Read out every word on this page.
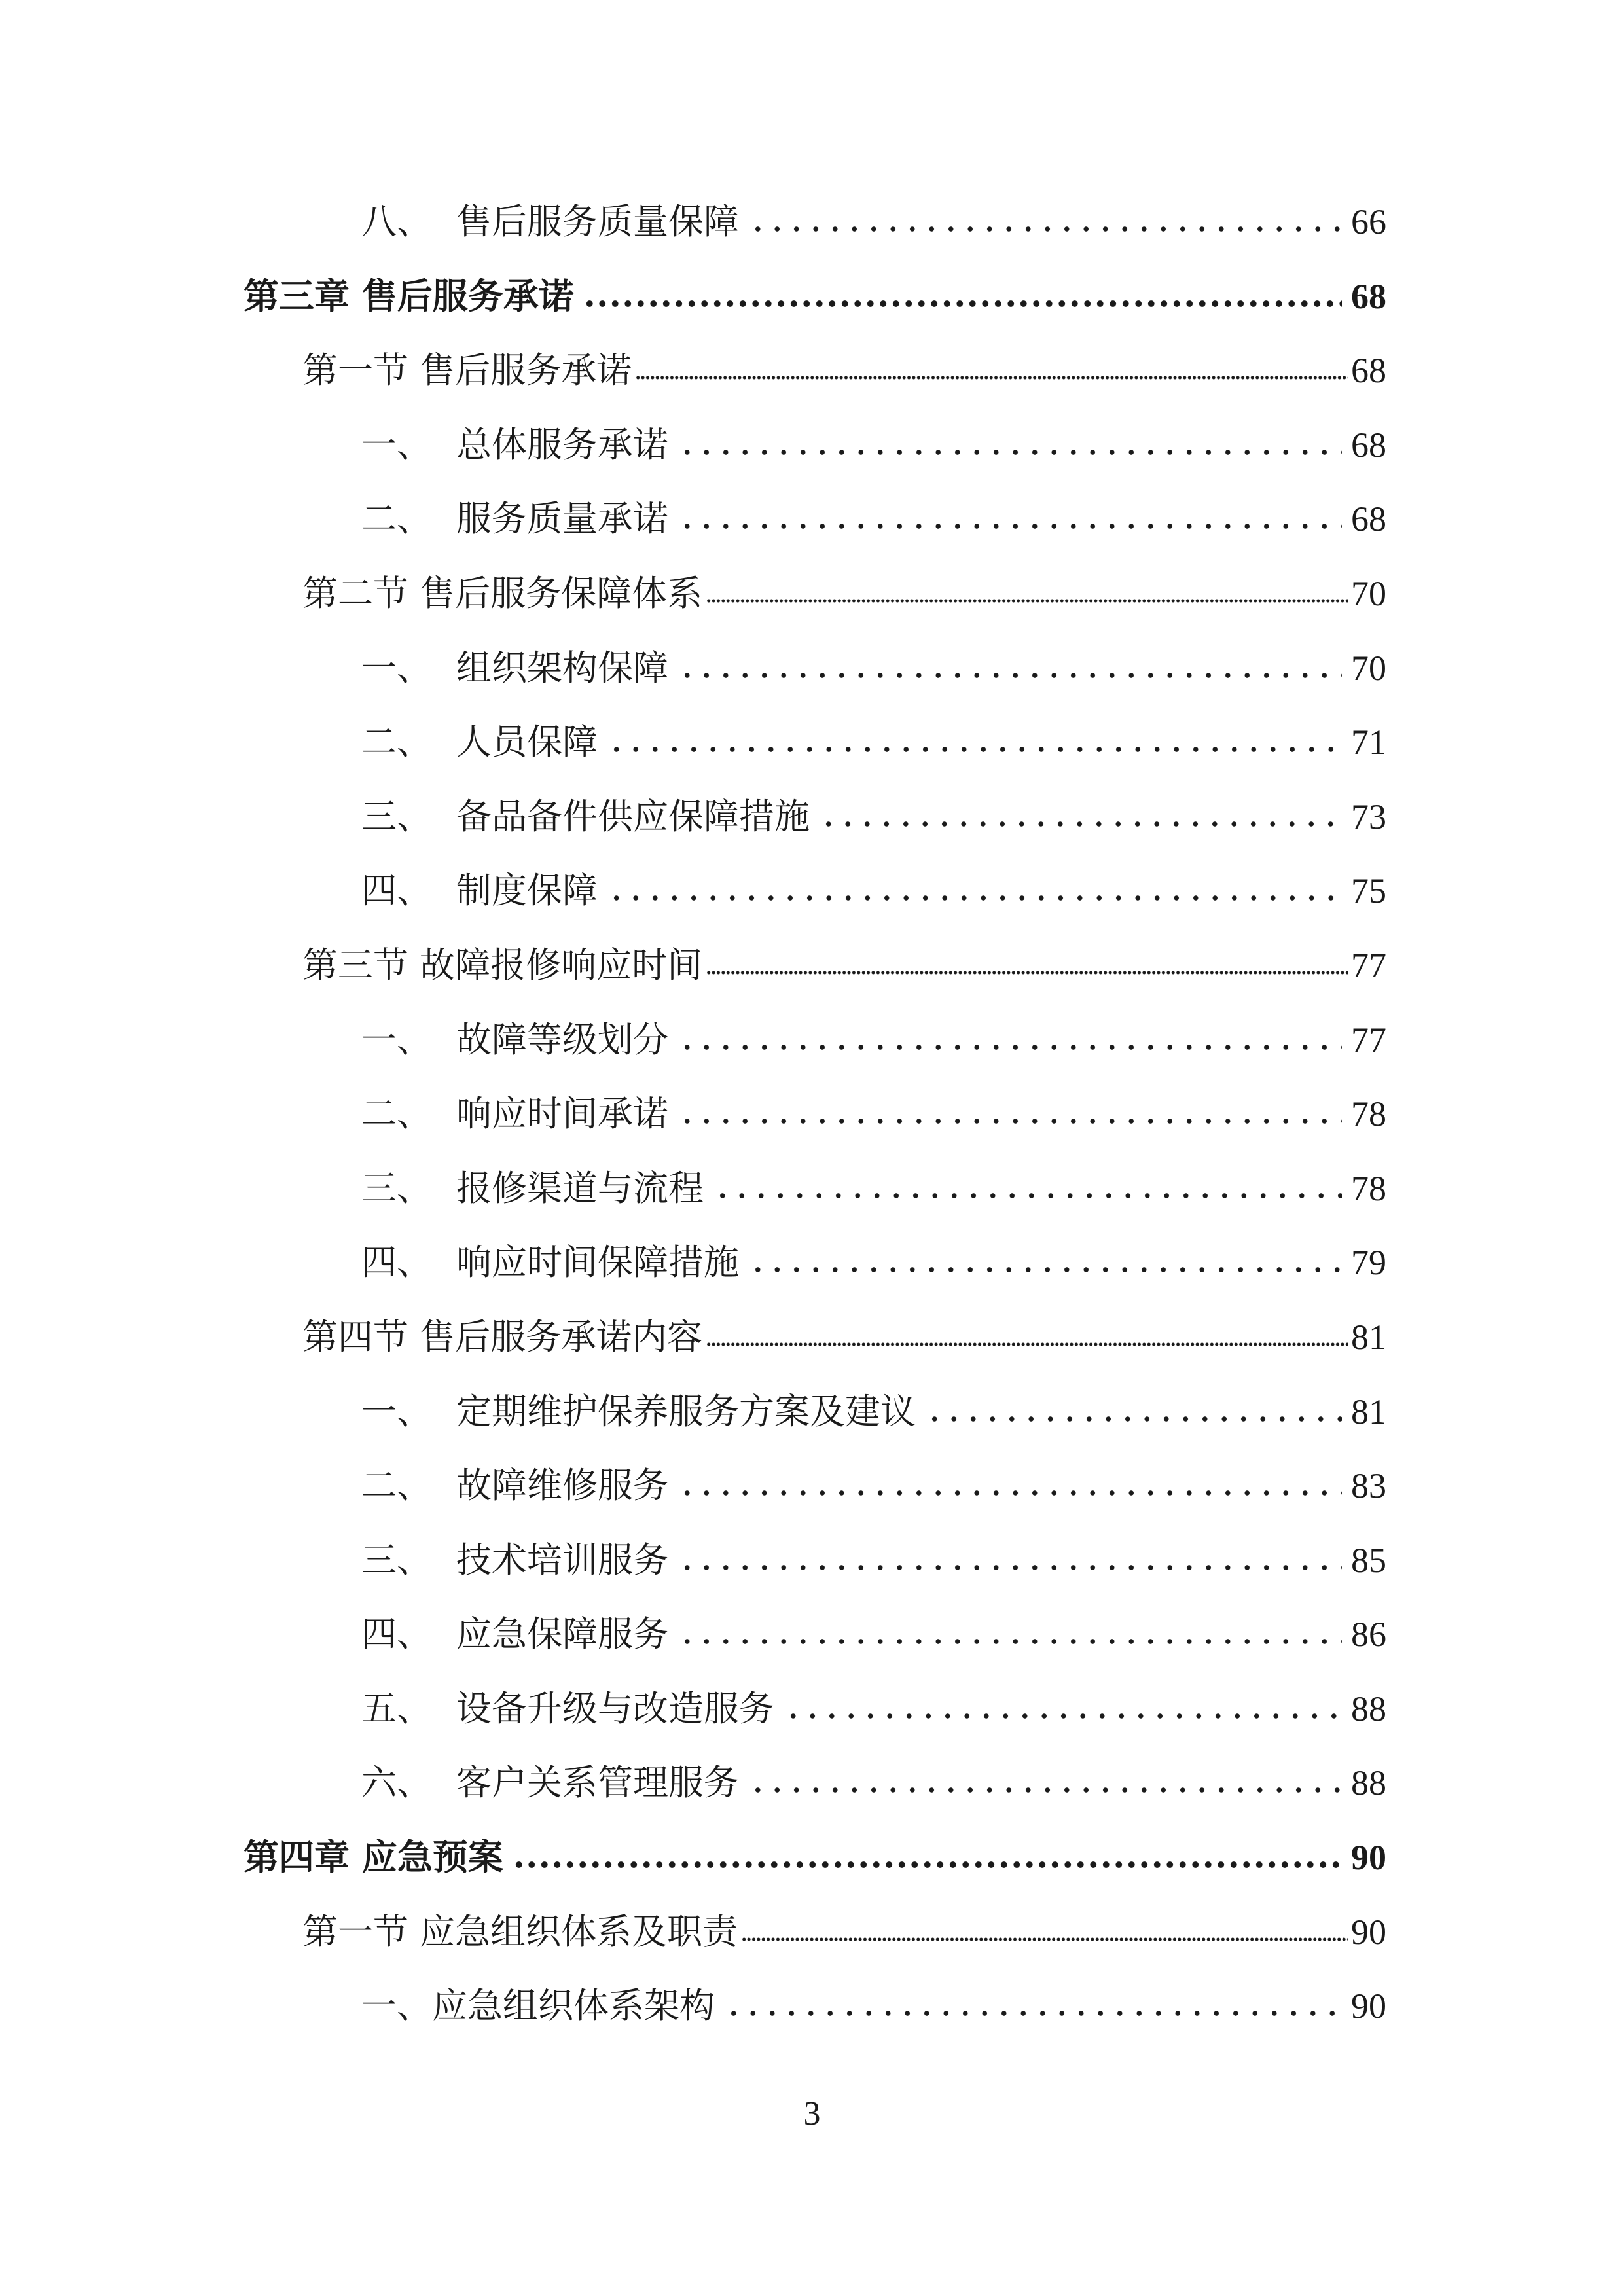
八、 售后服务质量保障	66
第三章 售后服务承诺	68
第一节 售后服务承诺	68
一、 总体服务承诺	68
二、 服务质量承诺	68
第二节 售后服务保障体系	70
一、 组织架构保障	70
二、 人员保障	71
三、 备品备件供应保障措施	73
四、 制度保障	75
第三节 故障报修响应时间	77
一、 故障等级划分	77
二、 响应时间承诺	78
三、 报修渠道与流程	78
四、 响应时间保障措施	79
第四节 售后服务承诺内容	81
一、 定期维护保养服务方案及建议	81
二、 故障维修服务	83
三、 技术培训服务	85
四、 应急保障服务	86
五、 设备升级与改造服务	88
六、 客户关系管理服务	88
第四章 应急预案	90
第一节 应急组织体系及职责	90
一、应急组织体系架构	90
3
